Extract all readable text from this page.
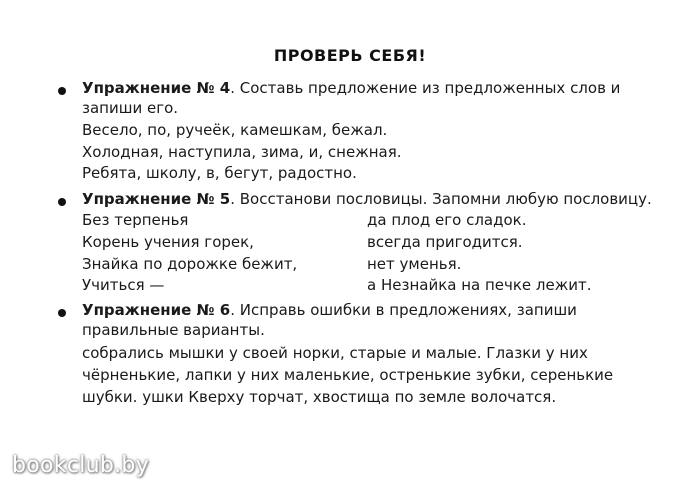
ПРОВЕРЬ СЕБЯ!
Упражнение № 4. Составь предложение из предложенных слов и запиши его.
Весело, по, ручеёк, камешкам, бежал.
Холодная, наступила, зима, и, снежная.
Ребята, школу, в, бегут, радостно.
Упражнение № 5. Восстанови пословицы. Запомни любую пословицу.
Без терпенья	да плод его сладок.
Корень учения горек,	всегда пригодится.
Знайка по дорожке бежит,	нет уменья.
Учиться —	а Незнайка на печке лежит.
Упражнение № 6. Исправь ошибки в предложениях, запиши правильные варианты.
собрались мышки у своей норки, старые и малые. Глазки у них чёрненькие, лапки у них маленькие, остренькие зубки, серенькие шубки. ушки Кверху торчат, хвостища по земле волочатся.
bookclub.by
